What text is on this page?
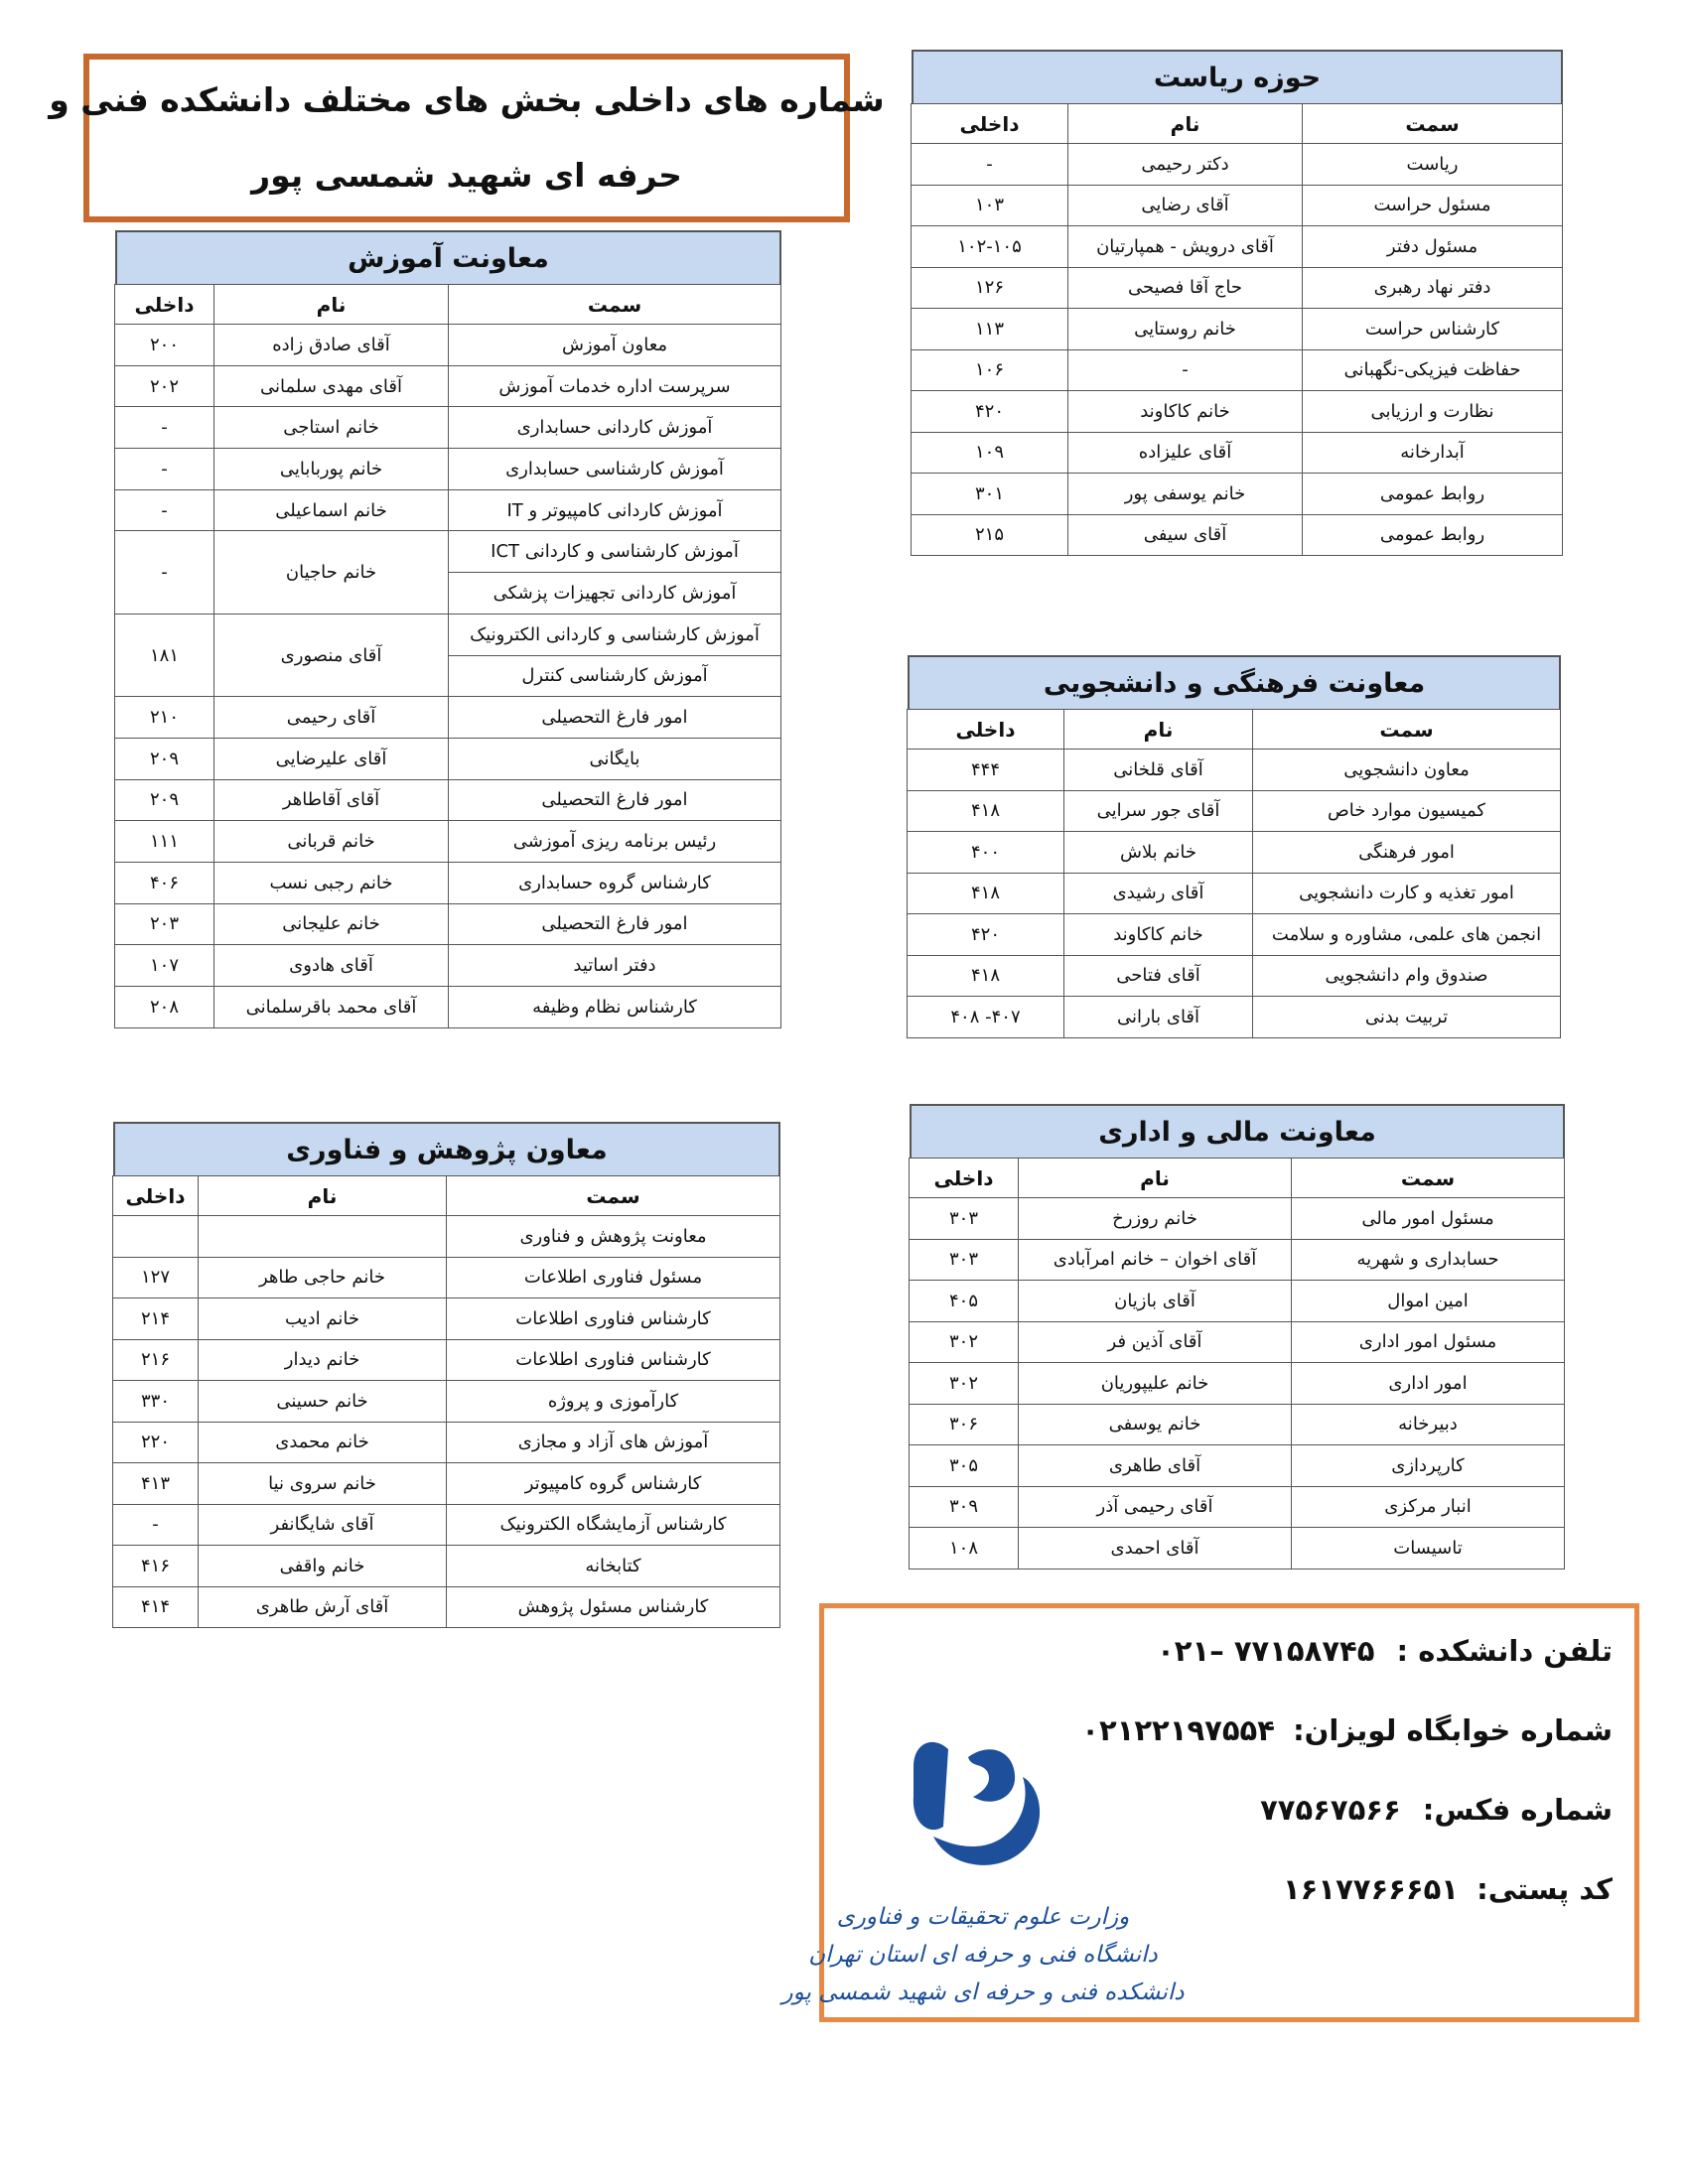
شماره های داخلی بخش های مختلف دانشکده فنی و
حرفه ای شهید شمسی پور
حوزه ریاست
سمت	نام	داخلی
ریاست	دکتر رحیمی	-
مسئول حراست	آقای رضایی	۱۰۳
مسئول دفتر	آقای درویش - همپارتیان	۱۰۲-۱۰۵
دفتر نهاد رهبری	حاج آقا فصیحی	۱۲۶
کارشناس حراست	خانم روستایی	۱۱۳
حفاظت فیزیکی-نگهبانی	-	۱۰۶
نظارت و ارزیابی	خانم کاکاوند	۴۲۰
آبدارخانه	آقای علیزاده	۱۰۹
روابط عمومی	خانم یوسفی پور	۳۰۱
روابط عمومی	آقای سیفی	۲۱۵
معاونت آموزش
سمت	نام	داخلی
معاون آموزش	آقای صادق زاده	۲۰۰
سرپرست اداره خدمات آموزش	آقای مهدی سلمانی	۲۰۲
آموزش کاردانی حسابداری	خانم استاجی	-
آموزش کارشناسی حسابداری	خانم پوربابایی	-
آموزش کاردانی کامپیوتر و IT	خانم اسماعیلی	-
آموزش کارشناسی و کاردانی ICT	خانم حاجیان	-
آموزش کاردانی تجهیزات پزشکی		
آموزش کارشناسی و کاردانی الکترونیک	آقای منصوری	۱۸۱
آموزش کارشناسی کنترل		
امور فارغ التحصیلی	آقای رحیمی	۲۱۰
بایگانی	آقای علیرضایی	۲۰۹
امور فارغ التحصیلی	آقای آقاطاهر	۲۰۹
رئیس برنامه ریزی آموزشی	خانم قربانی	۱۱۱
کارشناس گروه حسابداری	خانم رجبی نسب	۴۰۶
امور فارغ التحصیلی	خانم علیجانی	۲۰۳
دفتر اساتید	آقای هادوی	۱۰۷
کارشناس نظام وظیفه	آقای محمد باقرسلمانی	۲۰۸
معاونت فرهنگی و دانشجویی
سمت	نام	داخلی
معاون دانشجویی	آقای قلخانی	۴۴۴
کمیسیون موارد خاص	آقای جور سرایی	۴۱۸
امور فرهنگی	خانم بلاش	۴۰۰
امور تغذیه و کارت دانشجویی	آقای رشیدی	۴۱۸
انجمن های علمی، مشاوره و سلامت	خانم کاکاوند	۴۲۰
صندوق وام دانشجویی	آقای فتاحی	۴۱۸
تربیت بدنی	آقای بارانی	۴۰۷- ۴۰۸
معاون پژوهش و فناوری
سمت	نام	داخلی
معاونت پژوهش و فناوری		
مسئول فناوری اطلاعات	خانم حاجی طاهر	۱۲۷
کارشناس فناوری اطلاعات	خانم ادیب	۲۱۴
کارشناس فناوری اطلاعات	خانم دیدار	۲۱۶
کارآموزی و پروژه	خانم حسینی	۳۳۰
آموزش های آزاد و مجازی	خانم محمدی	۲۲۰
کارشناس گروه کامپیوتر	خانم سروی نیا	۴۱۳
کارشناس آزمایشگاه الکترونیک	آقای شایگانفر	-
کتابخانه	خانم واقفی	۴۱۶
کارشناس مسئول پژوهش	آقای آرش طاهری	۴۱۴
معاونت مالی و اداری
سمت	نام	داخلی
مسئول امور مالی	خانم روزرخ	۳۰۳
حسابداری و شهریه	آقای اخوان – خانم امرآبادی	۳۰۳
امین اموال	آقای بازیان	۴۰۵
مسئول امور اداری	آقای آذین فر	۳۰۲
امور اداری	خانم علیپوریان	۳۰۲
دبیرخانه	خانم یوسفی	۳۰۶
کارپردازی	آقای طاهری	۳۰۵
انبار مرکزی	آقای رحیمی آذر	۳۰۹
تاسیسات	آقای احمدی	۱۰۸
تلفن دانشکده : ۷۷۱۵۸۷۴۵ –۰۲۱
شماره خوابگاه لویزان: ۰۲۱۲۲۱۹۷۵۵۴
شماره فکس: ۷۷۵۶۷۵۶۶
کد پستی: ۱۶۱۷۷۶۶۶۵۱
وزارت علوم تحقیقات و فناوری
دانشگاه فنی و حرفه ای استان تهران
دانشکده فنی و حرفه ای شهید شمسی پور
